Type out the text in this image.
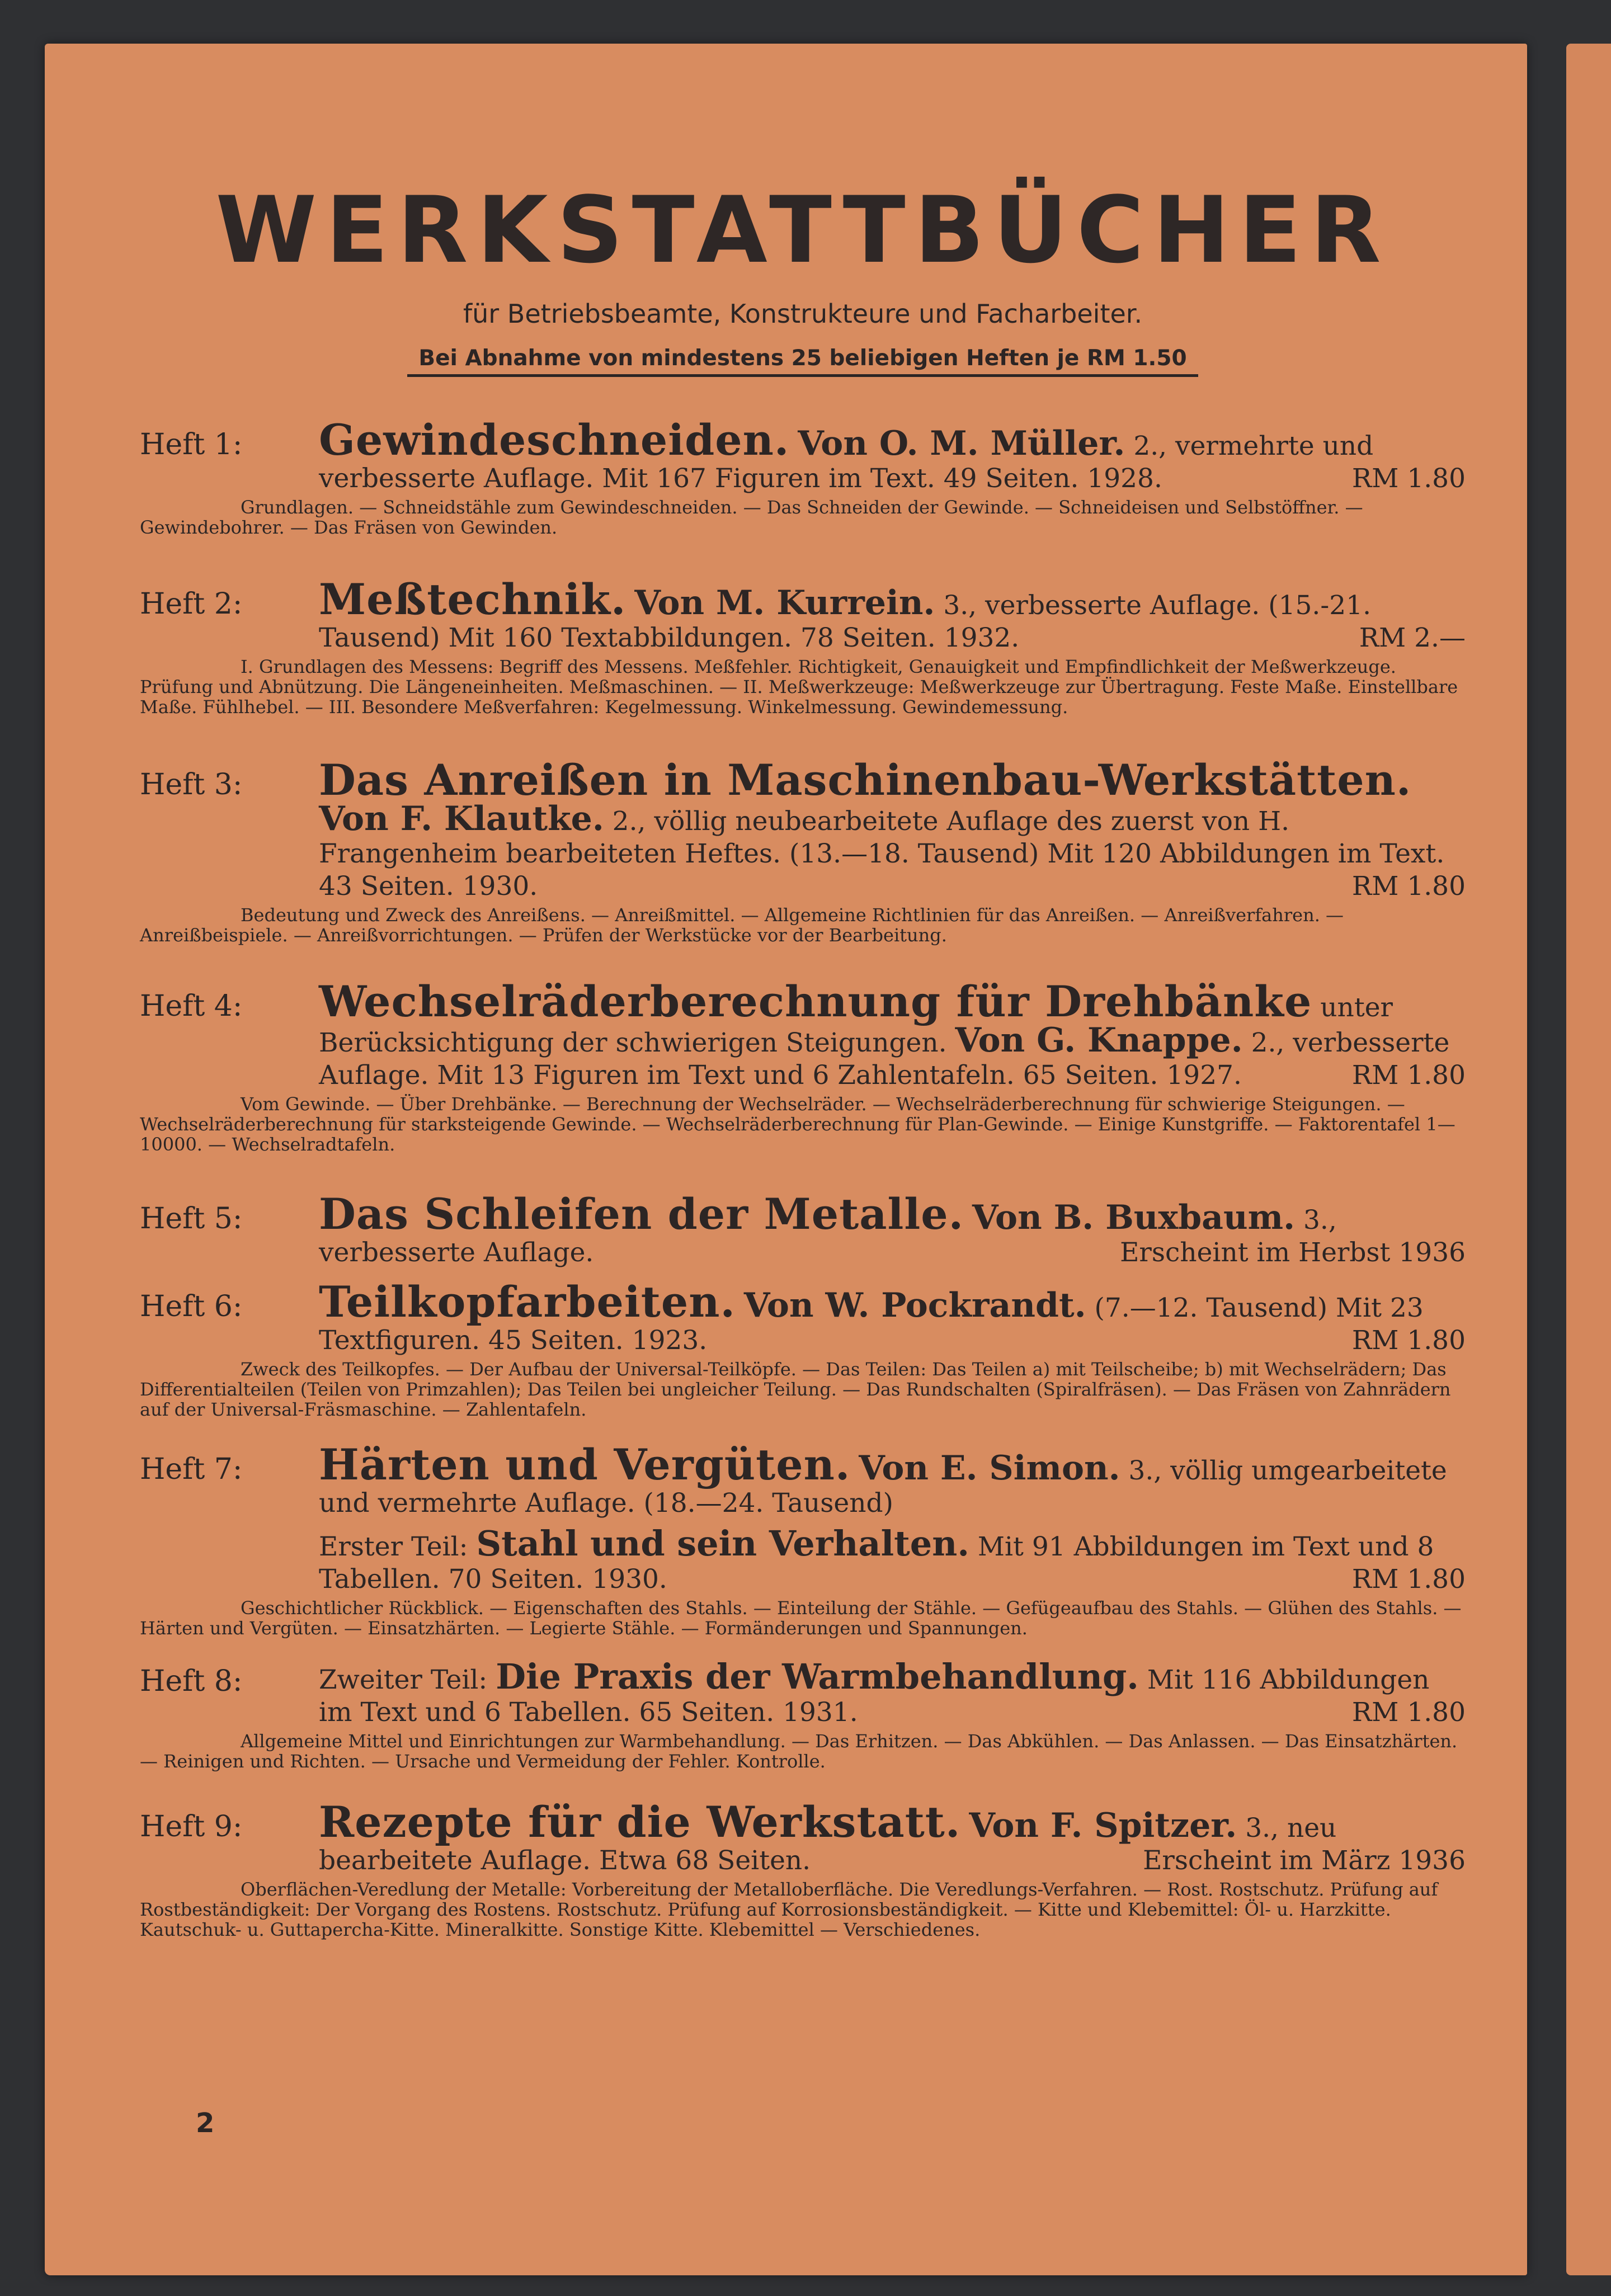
WERKSTATTBÜCHER
für Betriebsbeamte, Konstrukteure und Facharbeiter.
Bei Abnahme von mindestens 25 beliebigen Heften je RM 1.50
Heft 1: Gewindeschneiden. Von O. M. Müller. 2., vermehrte und verbesserte Auflage. Mit 167 Figuren im Text. 49 Seiten. 1928.	RM 1.80
Grundlagen. — Schneidstähle zum Gewindeschneiden. — Das Schneiden der Gewinde. — Schneideisen und Selbstöffner. — Gewindebohrer. — Das Fräsen von Gewinden.
Heft 2: Meßtechnik. Von M. Kurrein. 3., verbesserte Auflage. (15.-21. Tausend) Mit 160 Textabbildungen. 78 Seiten. 1932.	RM 2.—
I. Grundlagen des Messens: Begriff des Messens. Meßfehler. Richtigkeit, Genauigkeit und Empfindlichkeit der Meßwerkzeuge. Prüfung und Abnützung. Die Längeneinheiten. Meßmaschinen. — II. Meßwerkzeuge: Meßwerkzeuge zur Übertragung. Feste Maße. Einstellbare Maße. Fühlhebel. — III. Besondere Meßverfahren: Kegelmessung. Winkelmessung. Gewindemessung.
Heft 3: Das Anreißen in Maschinenbau-Werkstätten. Von F. Klautke. 2., völlig neubearbeitete Auflage des zuerst von H. Frangenheim bearbeiteten Heftes. (13.—18. Tausend) Mit 120 Abbildungen im Text. 43 Seiten. 1930.	RM 1.80
Bedeutung und Zweck des Anreißens. — Anreißmittel. — Allgemeine Richtlinien für das Anreißen. — Anreißverfahren. — Anreißbeispiele. — Anreißvorrichtungen. — Prüfen der Werkstücke vor der Bearbeitung.
Heft 4: Wechselräderberechnung für Drehbänke unter Berücksichtigung der schwierigen Steigungen. Von G. Knappe. 2., verbesserte Auflage. Mit 13 Figuren im Text und 6 Zahlentafeln. 65 Seiten. 1927.	RM 1.80
Vom Gewinde. — Über Drehbänke. — Berechnung der Wechselräder. — Wechselräderberechnung für schwierige Steigungen. — Wechselräderberechnung für starksteigende Gewinde. — Wechselräderberechnung für Plan-Gewinde. — Einige Kunstgriffe. — Faktorentafel 1—10000. — Wechselradtafeln.
Heft 5: Das Schleifen der Metalle. Von B. Buxbaum. 3., verbesserte Auflage.	Erscheint im Herbst 1936
Heft 6: Teilkopfarbeiten. Von W. Pockrandt. (7.—12. Tausend) Mit 23 Textfiguren. 45 Seiten. 1923.	RM 1.80
Zweck des Teilkopfes. — Der Aufbau der Universal-Teilköpfe. — Das Teilen: Das Teilen a) mit Teilscheibe; b) mit Wechselrädern; Das Differentialteilen (Teilen von Primzahlen); Das Teilen bei ungleicher Teilung. — Das Rundschalten (Spiralfräsen). — Das Fräsen von Zahnrädern auf der Universal-Fräsmaschine. — Zahlentafeln.
Heft 7: Härten und Vergüten. Von E. Simon. 3., völlig umgearbeitete und vermehrte Auflage. (18.—24. Tausend)
Erster Teil: Stahl und sein Verhalten. Mit 91 Abbildungen im Text und 8 Tabellen. 70 Seiten. 1930.	RM 1.80
Geschichtlicher Rückblick. — Eigenschaften des Stahls. — Einteilung der Stähle. — Gefügeaufbau des Stahls. — Glühen des Stahls. — Härten und Vergüten. — Einsatzhärten. — Legierte Stähle. — Formänderungen und Spannungen.
Heft 8:	Zweiter Teil: Die Praxis der Warmbehandlung. Mit 116 Abbildungen im Text und 6 Tabellen. 65 Seiten. 1931.	RM 1.80
Allgemeine Mittel und Einrichtungen zur Warmbehandlung. — Das Erhitzen. — Das Abkühlen. — Das Anlassen. — Das Einsatzhärten. — Reinigen und Richten. — Ursache und Vermeidung der Fehler. Kontrolle.
Heft 9: Rezepte für die Werkstatt. Von F. Spitzer. 3., neu bearbeitete Auflage. Etwa 68 Seiten.	Erscheint im März 1936
Oberflächen-Veredlung der Metalle: Vorbereitung der Metalloberfläche. Die Veredlungs-Verfahren. — Rost. Rostschutz. Prüfung auf Rostbeständigkeit: Der Vorgang des Rostens. Rostschutz. Prüfung auf Korrosionsbeständigkeit. — Kitte und Klebemittel: Öl- u. Harzkitte. Kautschuk- u. Guttapercha-Kitte. Mineralkitte. Sonstige Kitte. Klebemittel — Verschiedenes.
2
